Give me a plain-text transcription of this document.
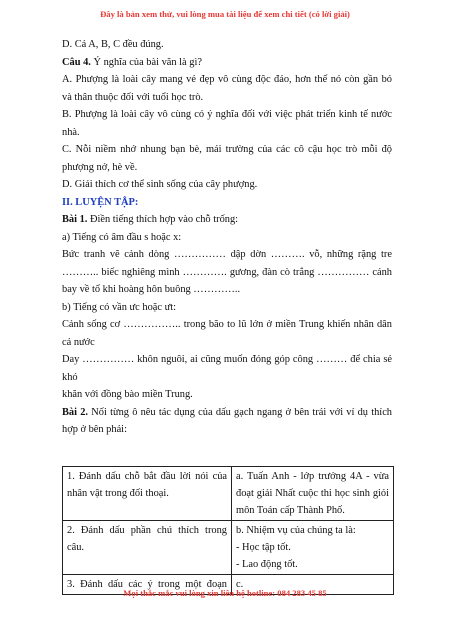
Đây là bản xem thử, vui lòng mua tài liệu để xem chi tiết (có lời giải)
D. Cả A, B, C đều đúng.
Câu 4. Ý nghĩa của bài văn là gì?
A. Phượng là loài cây mang vẻ đẹp vô cùng độc đáo, hơn thế nó còn gần bó
và thân thuộc đối với tuổi học trò.
B. Phượng là loài cây vô cùng có ý nghĩa đối với việc phát triển kinh tế nước
nhà.
C. Nỗi niềm nhớ nhung bạn bè, mái trường của các cô cậu học trò mỗi độ
phượng nở, hè về.
D. Giải thích cơ thể sinh sống của cây phượng.
II. LUYỆN TẬP:
Bài 1. Điền tiếng thích hợp vào chỗ trống:
a) Tiếng có âm đầu s hoặc x:
Bức tranh vẽ cảnh dòng …………… dập dờn ………. vỗ, những rặng tre
……….. biếc nghiêng mình …………. gương, đàn cò trắng …………… cánh
bay về tổ khi hoàng hôn buông …………..
b) Tiếng có vần ưc hoặc ưt:
Cảnh sống cơ …………….. trong bão to lũ lớn ở miền Trung khiến nhân dân
cả nước
Day …………… khôn nguôi, ai cũng muốn đóng góp công ……… để chia sẻ
khó
khăn với đồng bào miền Trung.
Bài 2. Nối từng ô nêu tác dụng của dấu gạch ngang ở bên trái với ví dụ thích
hợp ở bên phải:
1. Đánh dấu chỗ bắt đầu lời nói của
nhân vật trong đối thoại.	a. Tuấn Anh - lớp trưởng 4A - vừa
đoạt giải Nhất cuộc thi học sinh giỏi
môn Toán cấp Thành Phố.

2. Đánh dấu phần chú thích trong
câu.	b. Nhiệm vụ của chúng ta là:
- Học tập tốt.
- Lao động tốt.

3. Đánh dấu các ý trong một đoạn	c.
Mọi thắc mắc vui lòng xin liên hệ hotline: 084 283 45 85
